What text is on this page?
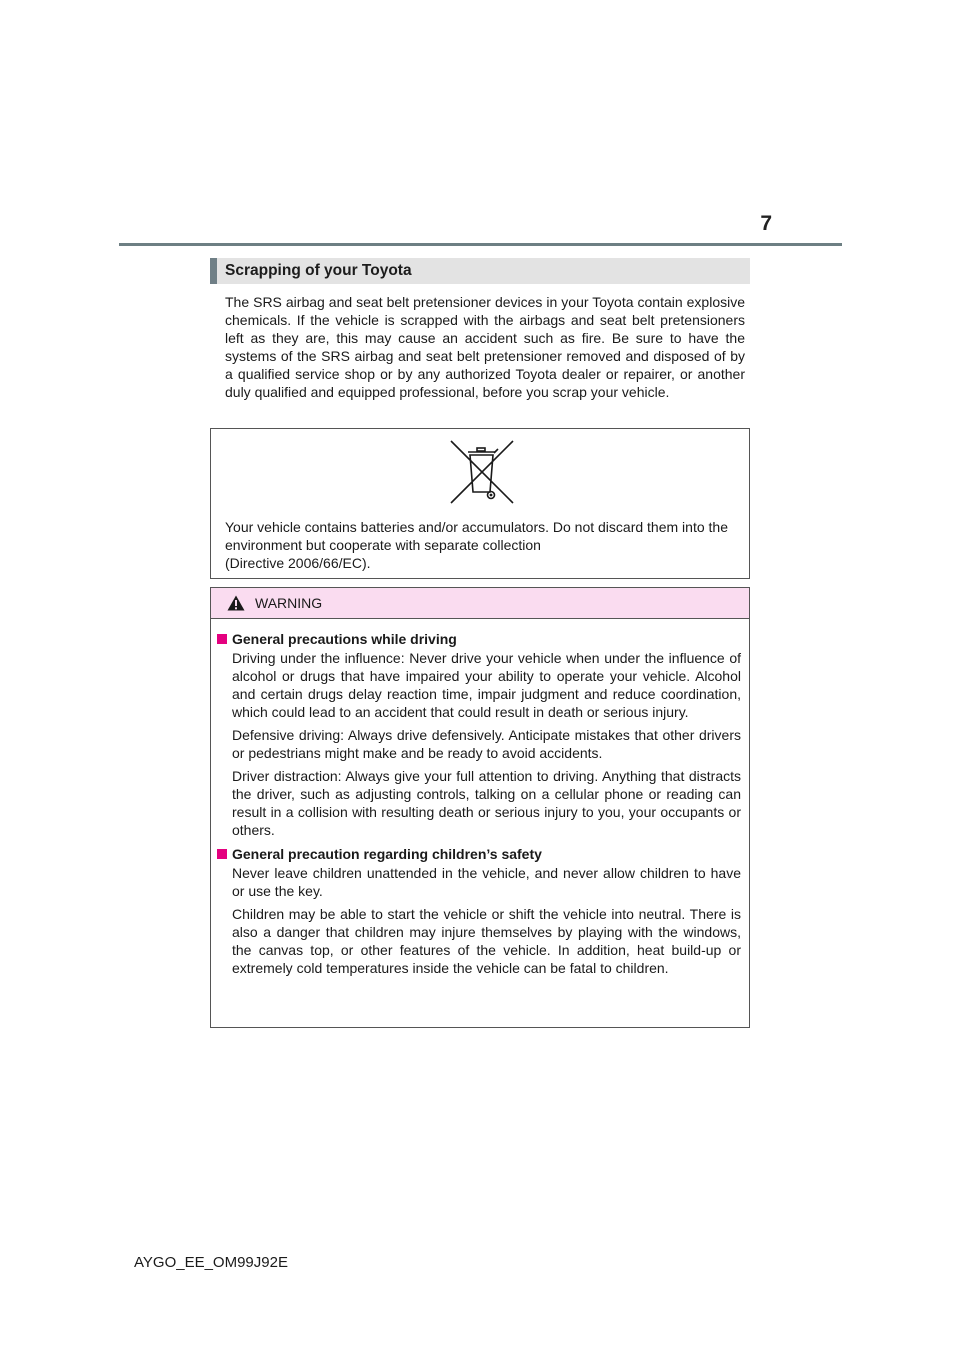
7
Scrapping of your Toyota

The SRS airbag and seat belt pretensioner devices in your Toyota contain explosive chemicals. If the vehicle is scrapped with the airbags and seat belt pretensioners left as they are, this may cause an accident such as fire. Be sure to have the systems of the SRS airbag and seat belt pretensioner removed and disposed of by a qualified service shop or by any authorized Toyota dealer or repairer, or another duly qualified and equipped professional, before you scrap your vehicle.

Your vehicle contains batteries and/or accumulators. Do not discard them into the environment but cooperate with separate collection
(Directive 2006/66/EC).

WARNING
General precautions while driving

Driving under the influence: Never drive your vehicle when under the influence of alcohol or drugs that have impaired your ability to operate your vehicle. Alcohol and certain drugs delay reaction time, impair judgment and reduce coordination, which could lead to an accident that could result in death or serious injury.

Defensive driving: Always drive defensively. Anticipate mistakes that other drivers or pedestrians might make and be ready to avoid accidents.

Driver distraction: Always give your full attention to driving. Anything that distracts the driver, such as adjusting controls, talking on a cellular phone or reading can result in a collision with resulting death or serious injury to you, your occupants or others.

General precaution regarding children’s safety

Never leave children unattended in the vehicle, and never allow children to have or use the key.

Children may be able to start the vehicle or shift the vehicle into neutral. There is also a danger that children may injure themselves by playing with the windows, the canvas top, or other features of the vehicle. In addition, heat build-up or extremely cold temperatures inside the vehicle can be fatal to children.

AYGO_EE_OM99J92E
